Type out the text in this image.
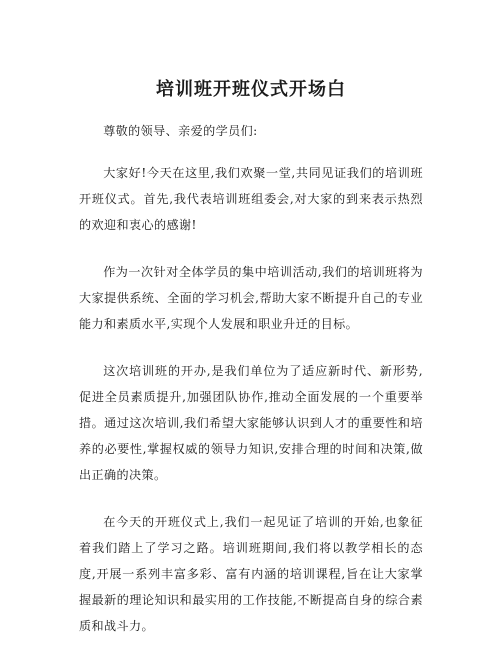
培训班开班仪式开场白

尊敬的领导、亲爱的学员们:

大家好!今天在这里,我们欢聚一堂,共同见证我们的培训班开班仪式。首先,我代表培训班组委会,对大家的到来表示热烈的欢迎和衷心的感谢!

作为一次针对全体学员的集中培训活动,我们的培训班将为大家提供系统、全面的学习机会,帮助大家不断提升自己的专业能力和素质水平,实现个人发展和职业升迁的目标。

这次培训班的开办,是我们单位为了适应新时代、新形势,促进全员素质提升,加强团队协作,推动全面发展的一个重要举措。通过这次培训,我们希望大家能够认识到人才的重要性和培养的必要性,掌握权威的领导力知识,安排合理的时间和决策,做出正确的决策。

在今天的开班仪式上,我们一起见证了培训的开始,也象征着我们踏上了学习之路。培训班期间,我们将以教学相长的态度,开展一系列丰富多彩、富有内涵的培训课程,旨在让大家掌握最新的理论知识和最实用的工作技能,不断提高自身的综合素质和战斗力。
